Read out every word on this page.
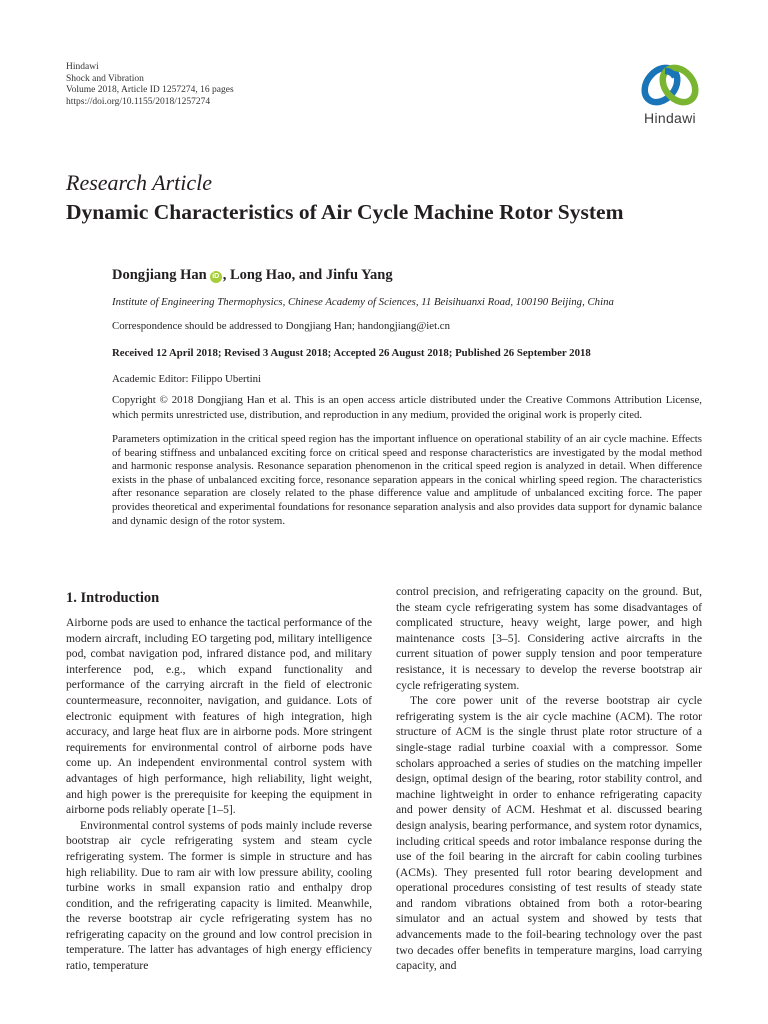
Hindawi
Shock and Vibration
Volume 2018, Article ID 1257274, 16 pages
https://doi.org/10.1155/2018/1257274
Hindawi
Research Article
Dynamic Characteristics of Air Cycle Machine Rotor System
Dongjiang Han iD , Long Hao, and Jinfu Yang
Institute of Engineering Thermophysics, Chinese Academy of Sciences, 11 Beisihuanxi Road, 100190 Beijing, China
Correspondence should be addressed to Dongjiang Han; handongjiang@iet.cn
Received 12 April 2018; Revised 3 August 2018; Accepted 26 August 2018; Published 26 September 2018
Academic Editor: Filippo Ubertini
Copyright © 2018 Dongjiang Han et al. This is an open access article distributed under the Creative Commons Attribution License, which permits unrestricted use, distribution, and reproduction in any medium, provided the original work is properly cited.
Parameters optimization in the critical speed region has the important influence on operational stability of an air cycle machine. Effects of bearing stiffness and unbalanced exciting force on critical speed and response characteristics are investigated by the modal method and harmonic response analysis. Resonance separation phenomenon in the critical speed region is analyzed in detail. When difference exists in the phase of unbalanced exciting force, resonance separation appears in the conical whirling speed region. The characteristics after resonance separation are closely related to the phase difference value and amplitude of unbalanced exciting force. The paper provides theoretical and experimental foundations for resonance separation analysis and also provides data support for dynamic balance and dynamic design of the rotor system.
1. Introduction

Airborne pods are used to enhance the tactical performance of the modern aircraft, including EO targeting pod, military intelligence pod, combat navigation pod, infrared distance pod, and military interference pod, e.g., which expand functionality and performance of the carrying aircraft in the field of electronic countermeasure, reconnoiter, navigation, and guidance. Lots of electronic equipment with features of high integration, high accuracy, and large heat flux are in airborne pods. More stringent requirements for environmental control of airborne pods have come up. An independent environmental control system with advantages of high performance, high reliability, light weight, and high power is the prerequisite for keeping the equipment in airborne pods reliably operate [1–5].

Environmental control systems of pods mainly include reverse bootstrap air cycle refrigerating system and steam cycle refrigerating system. The former is simple in structure and has high reliability. Due to ram air with low pressure ability, cooling turbine works in small expansion ratio and enthalpy drop condition, and the refrigerating capacity is limited. Meanwhile, the reverse bootstrap air cycle refrigerating system has no refrigerating capacity on the ground and low control precision in temperature. The latter has advantages of high energy efficiency ratio, temperature

control precision, and refrigerating capacity on the ground. But, the steam cycle refrigerating system has some disadvantages of complicated structure, heavy weight, large power, and high maintenance costs [3–5]. Considering active aircrafts in the current situation of power supply tension and poor temperature resistance, it is necessary to develop the reverse bootstrap air cycle refrigerating system.

The core power unit of the reverse bootstrap air cycle refrigerating system is the air cycle machine (ACM). The rotor structure of ACM is the single thrust plate rotor structure of a single-stage radial turbine coaxial with a compressor. Some scholars approached a series of studies on the matching impeller design, optimal design of the bearing, rotor stability control, and machine lightweight in order to enhance refrigerating capacity and power density of ACM. Heshmat et al. discussed bearing design analysis, bearing performance, and system rotor dynamics, including critical speeds and rotor imbalance response during the use of the foil bearing in the aircraft for cabin cooling turbines (ACMs). They presented full rotor bearing development and operational procedures consisting of test results of steady state and random vibrations obtained from both a rotor-bearing simulator and an actual system and showed by tests that advancements made to the foil-bearing technology over the past two decades offer benefits in temperature margins, load carrying capacity, and
